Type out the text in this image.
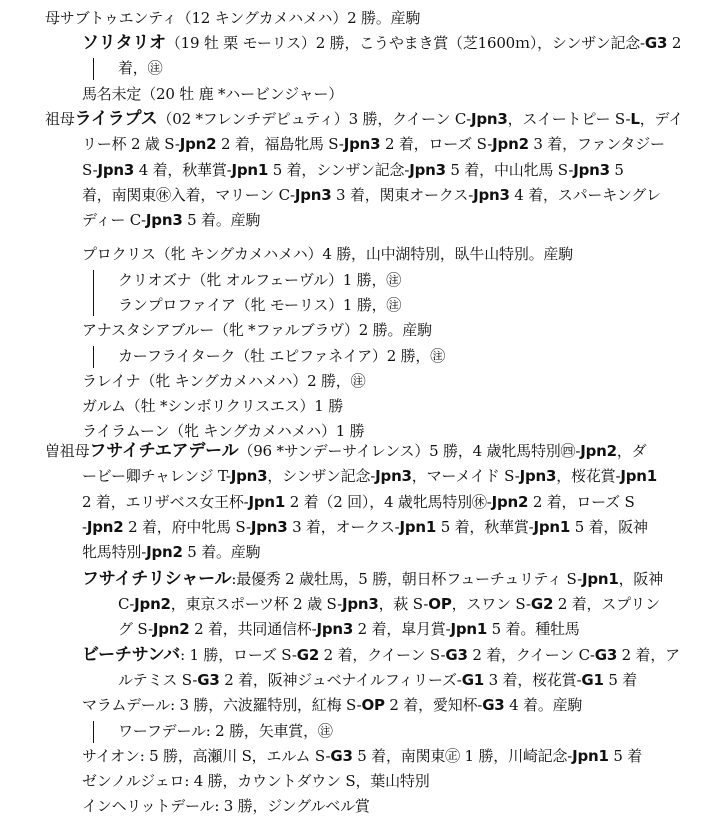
母サブトゥエンティ（12 キングカメハメハ）2 勝。産駒
ソリタリオ（19 牡 栗 モーリス）2 勝，こうやまき賞（芝1600ｍ），シンザン記念-G3 2
着，㊟
馬名未定（20 牡 鹿 *ハービンジャー）
祖母ライラプス（02 *フレンチデピュティ）3 勝，クイーン C-Jpn3，スイートピー S-L，デイ
リー杯 2 歳 S-Jpn2 2 着，福島牝馬 S-Jpn3 2 着，ローズ S-Jpn2 3 着，ファンタジー
S-Jpn3 4 着，秋華賞-Jpn1 5 着，シンザン記念-Jpn3 5 着，中山牝馬 S-Jpn3 5
着，南関東㊡入着，マリーン C-Jpn3 3 着，関東オークス-Jpn3 4 着，スパーキングレ
ディー C-Jpn3 5 着。産駒
プロクリス（牝 キングカメハメハ）4 勝，山中湖特別，臥牛山特別。産駒
クリオズナ（牝 オルフェーヴル）1 勝，㊟
ランプロファイア（牝 モーリス）1 勝，㊟
アナスタシアブルー（牝 *ファルブラヴ）2 勝。産駒
カーフライターク（牡 エピファネイア）2 勝，㊟
ラレイナ（牝 キングカメハメハ）2 勝，㊟
ガルム（牡 *シンボリクリスエス）1 勝
ライラムーン（牝 キングカメハメハ）1 勝
曽祖母フサイチエアデール（96 *サンデーサイレンス）5 勝，4 歳牝馬特別㊃-Jpn2，ダ
ービー卿チャレンジ T-Jpn3，シンザン記念-Jpn3，マーメイド S-Jpn3，桜花賞-Jpn1
2 着，エリザベス女王杯-Jpn1 2 着（2 回），4 歳牝馬特別㊡-Jpn2 2 着，ローズ S
-Jpn2 2 着，府中牝馬 S-Jpn3 3 着，オークス-Jpn1 5 着，秋華賞-Jpn1 5 着，阪神
牝馬特別-Jpn2 5 着。産駒
フサイチリシャール:最優秀 2 歳牡馬，5 勝，朝日杯フューチュリティ S-Jpn1，阪神
C-Jpn2，東京スポーツ杯 2 歳 S-Jpn3，萩 S-OP，スワン S-G2 2 着，スプリン
グ S-Jpn2 2 着，共同通信杯-Jpn3 2 着，皐月賞-Jpn1 5 着。種牡馬
ビーチサンバ: 1 勝，ローズ S-G2 2 着，クイーン S-G3 2 着，クイーン C-G3 2 着，ア
ルテミス S-G3 2 着，阪神ジュベナイルフィリーズ-G1 3 着，桜花賞-G1 5 着
マラムデール: 3 勝，六波羅特別，紅梅 S-OP 2 着，愛知杯-G3 4 着。産駒
ワーフデール: 2 勝，矢車賞，㊟
サイオン: 5 勝，高瀬川 S，エルム S-G3 5 着，南関東㊣ 1 勝，川崎記念-Jpn1 5 着
ゼンノルジェロ: 4 勝，カウントダウン S，葉山特別
インヘリットデール: 3 勝，ジングルベル賞
